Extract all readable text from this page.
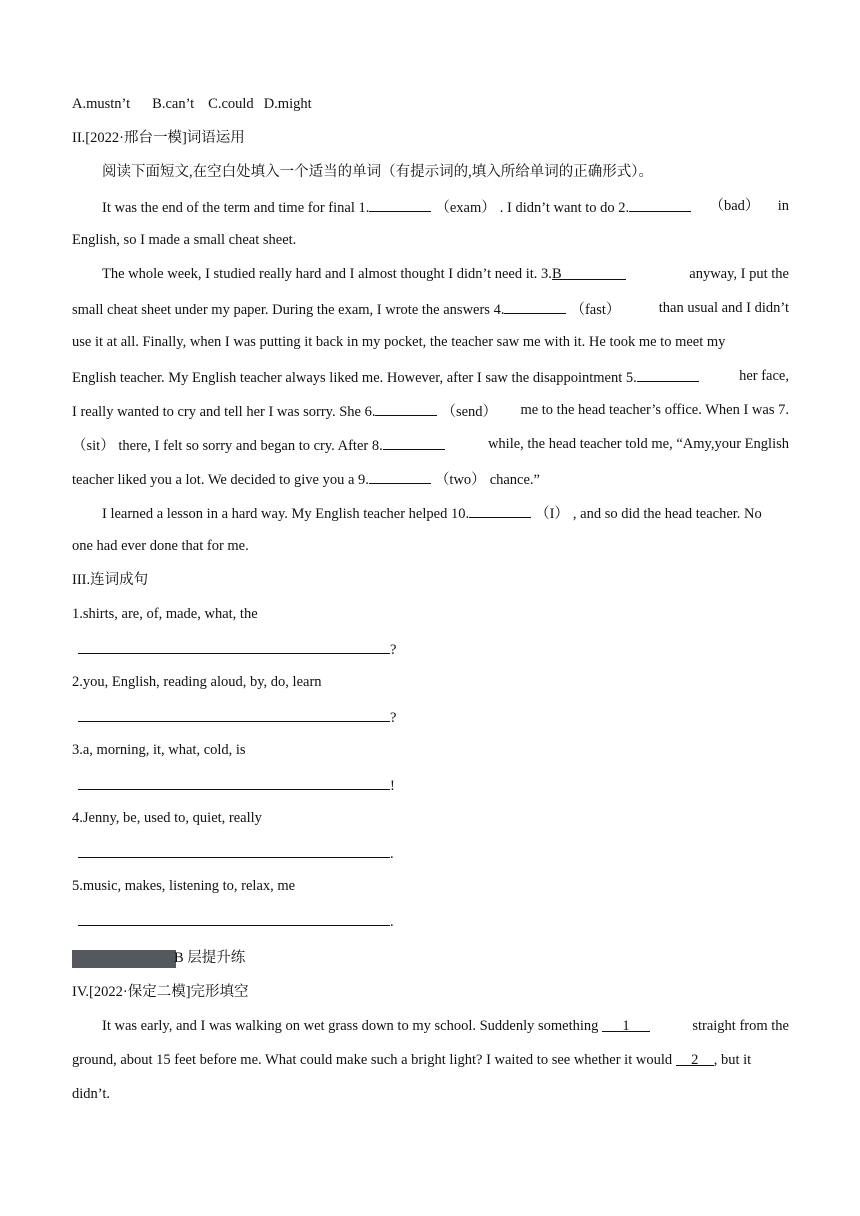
A.mustn’t B.can’t C.could D.might
II.[2022·邢台一模]词语运用
阅读下面短文,在空白处填入一个适当的单词（有提示词的,填入所给单词的正确形式）。
It was the end of the term and time for final 1.	（exam） . I didn’t want to do 2.	（bad） in
English, so I made a small cheat sheet.
The whole week, I studied really hard and I almost thought I didn’t need it. 3.B	anyway, I put the
small cheat sheet under my paper. During the exam, I wrote the answers 4.	（fast）	than usual and I didn’t
use it at all. Finally, when I was putting it back in my pocket, the teacher saw me with it. He took me to meet my
English teacher. My English teacher always liked me. However, after I saw the disappointment 5.	her face,
I really wanted to cry and tell her I was sorry. She 6.	（send） me to the head teacher’s office. When I was 7.
（sit） there, I felt so sorry and began to cry. After 8.	while, the head teacher told me, “Amy,your English
teacher liked you a lot. We decided to give you a 9.	（two） chance.”
I learned a lesson in a hard way. My English teacher helped 10.	（I） , and so did the head teacher. No
one had ever done that for me.
III.连词成句
1.shirts, are, of, made, what, the
?
2.you, English, reading aloud, by, do, learn
?
3.a, morning, it, what, cold, is
!
4.Jenny, be, used to, quiet, really
.
5.music, makes, listening to, relax, me
.
B 层提升练
IV.[2022·保定二模]完形填空
It was early, and I was walking on wet grass down to my school. Suddenly something 1	straight from the
ground, about 15 feet before me. What could make such a bright light? I waited to see whether it would 2 , but it
didn’t.
